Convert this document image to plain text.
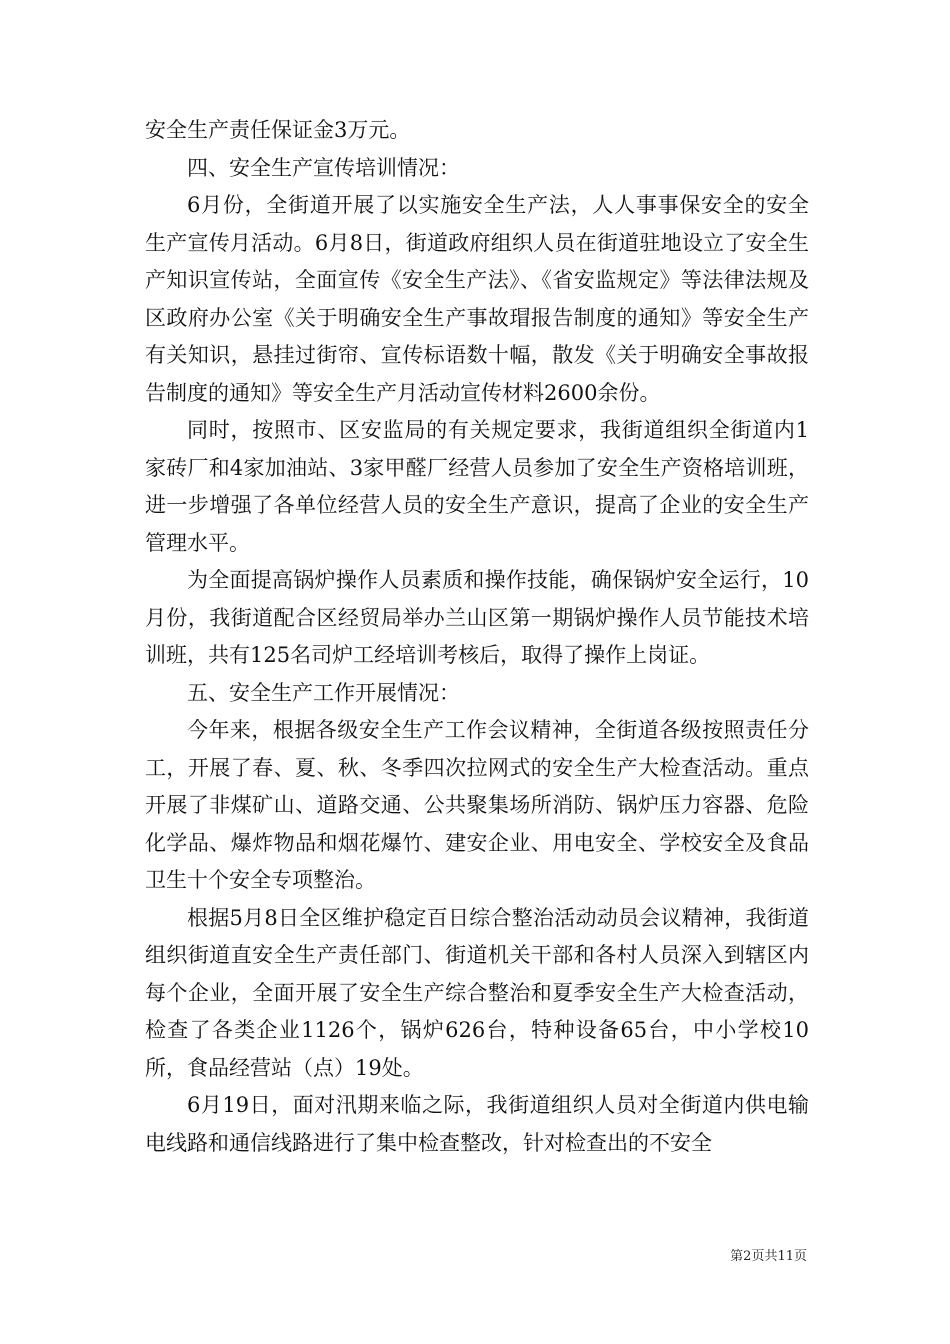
安全生产责任保证金3万元。

四、安全生产宣传培训情况：

6月份，全街道开展了以实施安全生产法，人人事事保安全的安全生产宣传月活动。6月8日，街道政府组织人员在街道驻地设立了安全生产知识宣传站，全面宣传《安全生产法》、《省安监规定》等法律法规及区政府办公室《关于明确安全生产事故瑁报告制度的通知》等安全生产有关知识，悬挂过街帘、宣传标语数十幅，散发《关于明确安全事故报告制度的通知》等安全生产月活动宣传材料2600余份。

同时，按照市、区安监局的有关规定要求，我街道组织全街道内1家砖厂和4家加油站、3家甲醛厂经营人员参加了安全生产资格培训班，进一步增强了各单位经营人员的安全生产意识，提高了企业的安全生产管理水平。

为全面提高锅炉操作人员素质和操作技能，确保锅炉安全运行，10月份，我街道配合区经贸局举办兰山区第一期锅炉操作人员节能技术培训班，共有125名司炉工经培训考核后，取得了操作上岗证。

五、安全生产工作开展情况：

今年来，根据各级安全生产工作会议精神，全街道各级按照责任分工，开展了春、夏、秋、冬季四次拉网式的安全生产大检查活动。重点开展了非煤矿山、道路交通、公共聚集场所消防、锅炉压力容器、危险化学品、爆炸物品和烟花爆竹、建安企业、用电安全、学校安全及食品卫生十个安全专项整治。

根据5月8日全区维护稳定百日综合整治活动动员会议精神，我街道组织街道直安全生产责任部门、街道机关干部和各村人员深入到辖区内每个企业，全面开展了安全生产综合整治和夏季安全生产大检查活动，检查了各类企业1126个，锅炉626台，特种设备65台，中小学校10所，食品经营站（点）19处。

6月19日，面对汛期来临之际，我街道组织人员对全街道内供电输电线路和通信线路进行了集中检查整改，针对检查出的不安全

第2页共11页
